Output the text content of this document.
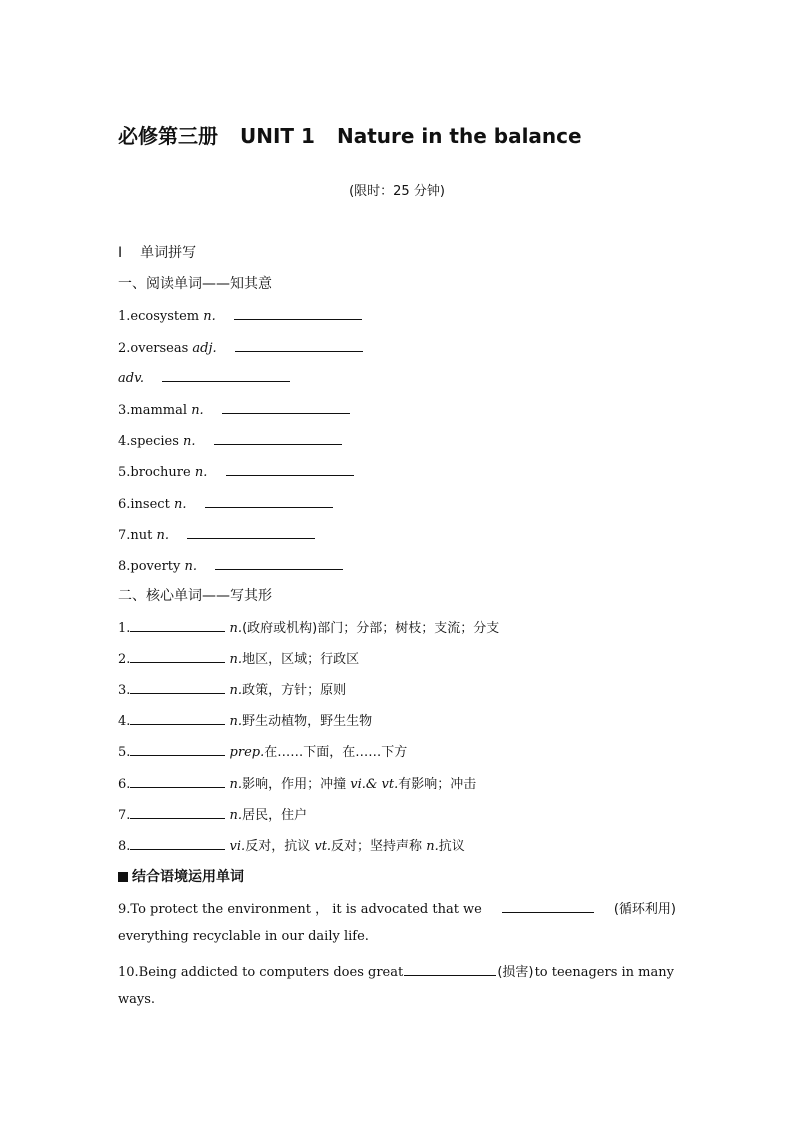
必修第三册 UNIT 1 Nature in the balance
(限时：25 分钟)
Ⅰ 单词拼写
一、阅读单词——知其意
1.ecosystem n.
2.overseas adj.
adv.
3.mammal n.
4.species n.
5.brochure n.
6.insect n.
7.nut n.
8.poverty n.
二、核心单词——写其形
1.	n.(政府或机构)部门；分部；树枝；支流；分支
2.	n.地区，区域；行政区
3.	n.政策，方针；原则
4.	n.野生动植物，野生生物
5.	prep.在……下面，在……下方
6.	n.影响，作用；冲撞 vi.& vt.有影响；冲击
7.	n.居民，住户
8.	vi.反对，抗议 vt.反对；坚持声称 n.抗议
结合语境运用单词
9.To protect the environment ， it is advocated that we	(循环利用)
everything recyclable in our daily life.
10.Being addicted to computers does great	(损害) to teenagers in many
ways.
